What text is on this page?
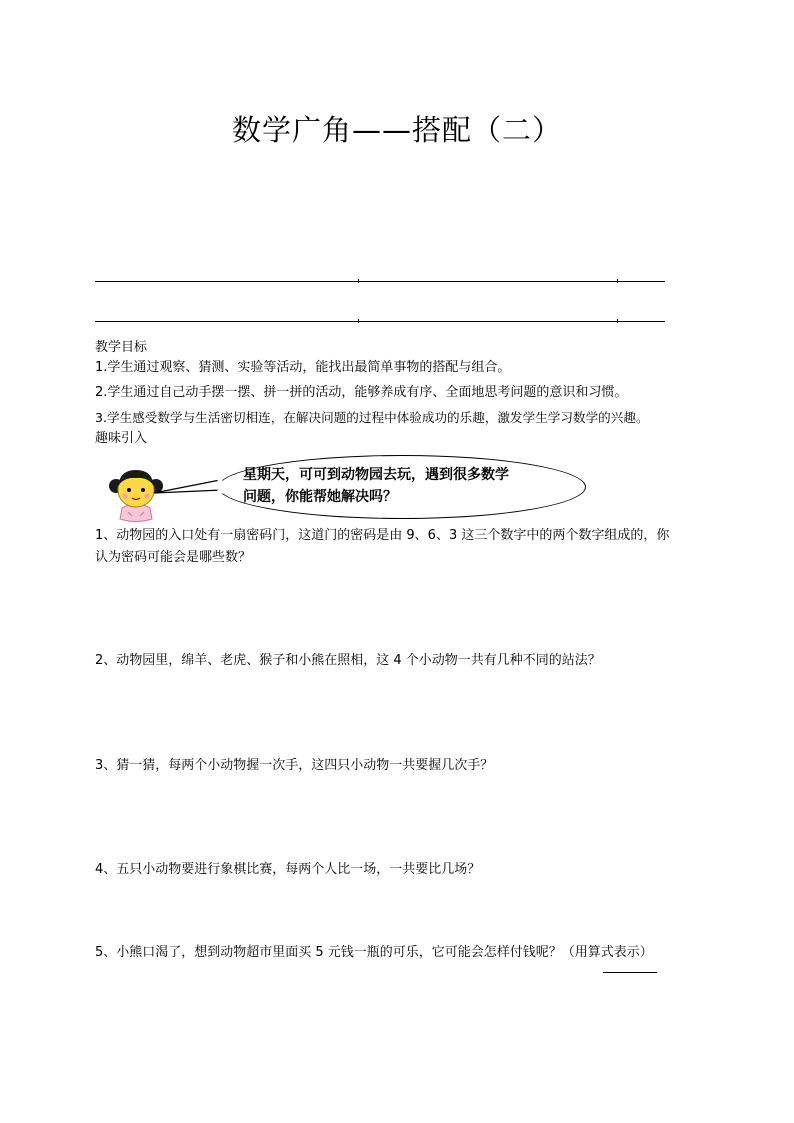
数学广角——搭配（二）
教学目标
1.学生通过观察、猜测、实验等活动，能找出最简单事物的搭配与组合。
2.学生通过自己动手摆一摆、拼一拼的活动，能够养成有序、全面地思考问题的意识和习惯。
3.学生感受数学与生活密切相连，在解决问题的过程中体验成功的乐趣，激发学生学习数学的兴趣。
趣味引入
星期天，可可到动物园去玩，遇到很多数学
问题，你能帮她解决吗？
1、动物园的入口处有一扇密码门，这道门的密码是由 9、6、3 这三个数字中的两个数字组成的，你
认为密码可能会是哪些数？
2、动物园里，绵羊、老虎、猴子和小熊在照相，这 4 个小动物一共有几种不同的站法？
3、猜一猜，每两个小动物握一次手，这四只小动物一共要握几次手？
4、五只小动物要进行象棋比赛，每两个人比一场，一共要比几场？
5、小熊口渴了，想到动物超市里面买 5 元钱一瓶的可乐，它可能会怎样付钱呢？（用算式表示）
